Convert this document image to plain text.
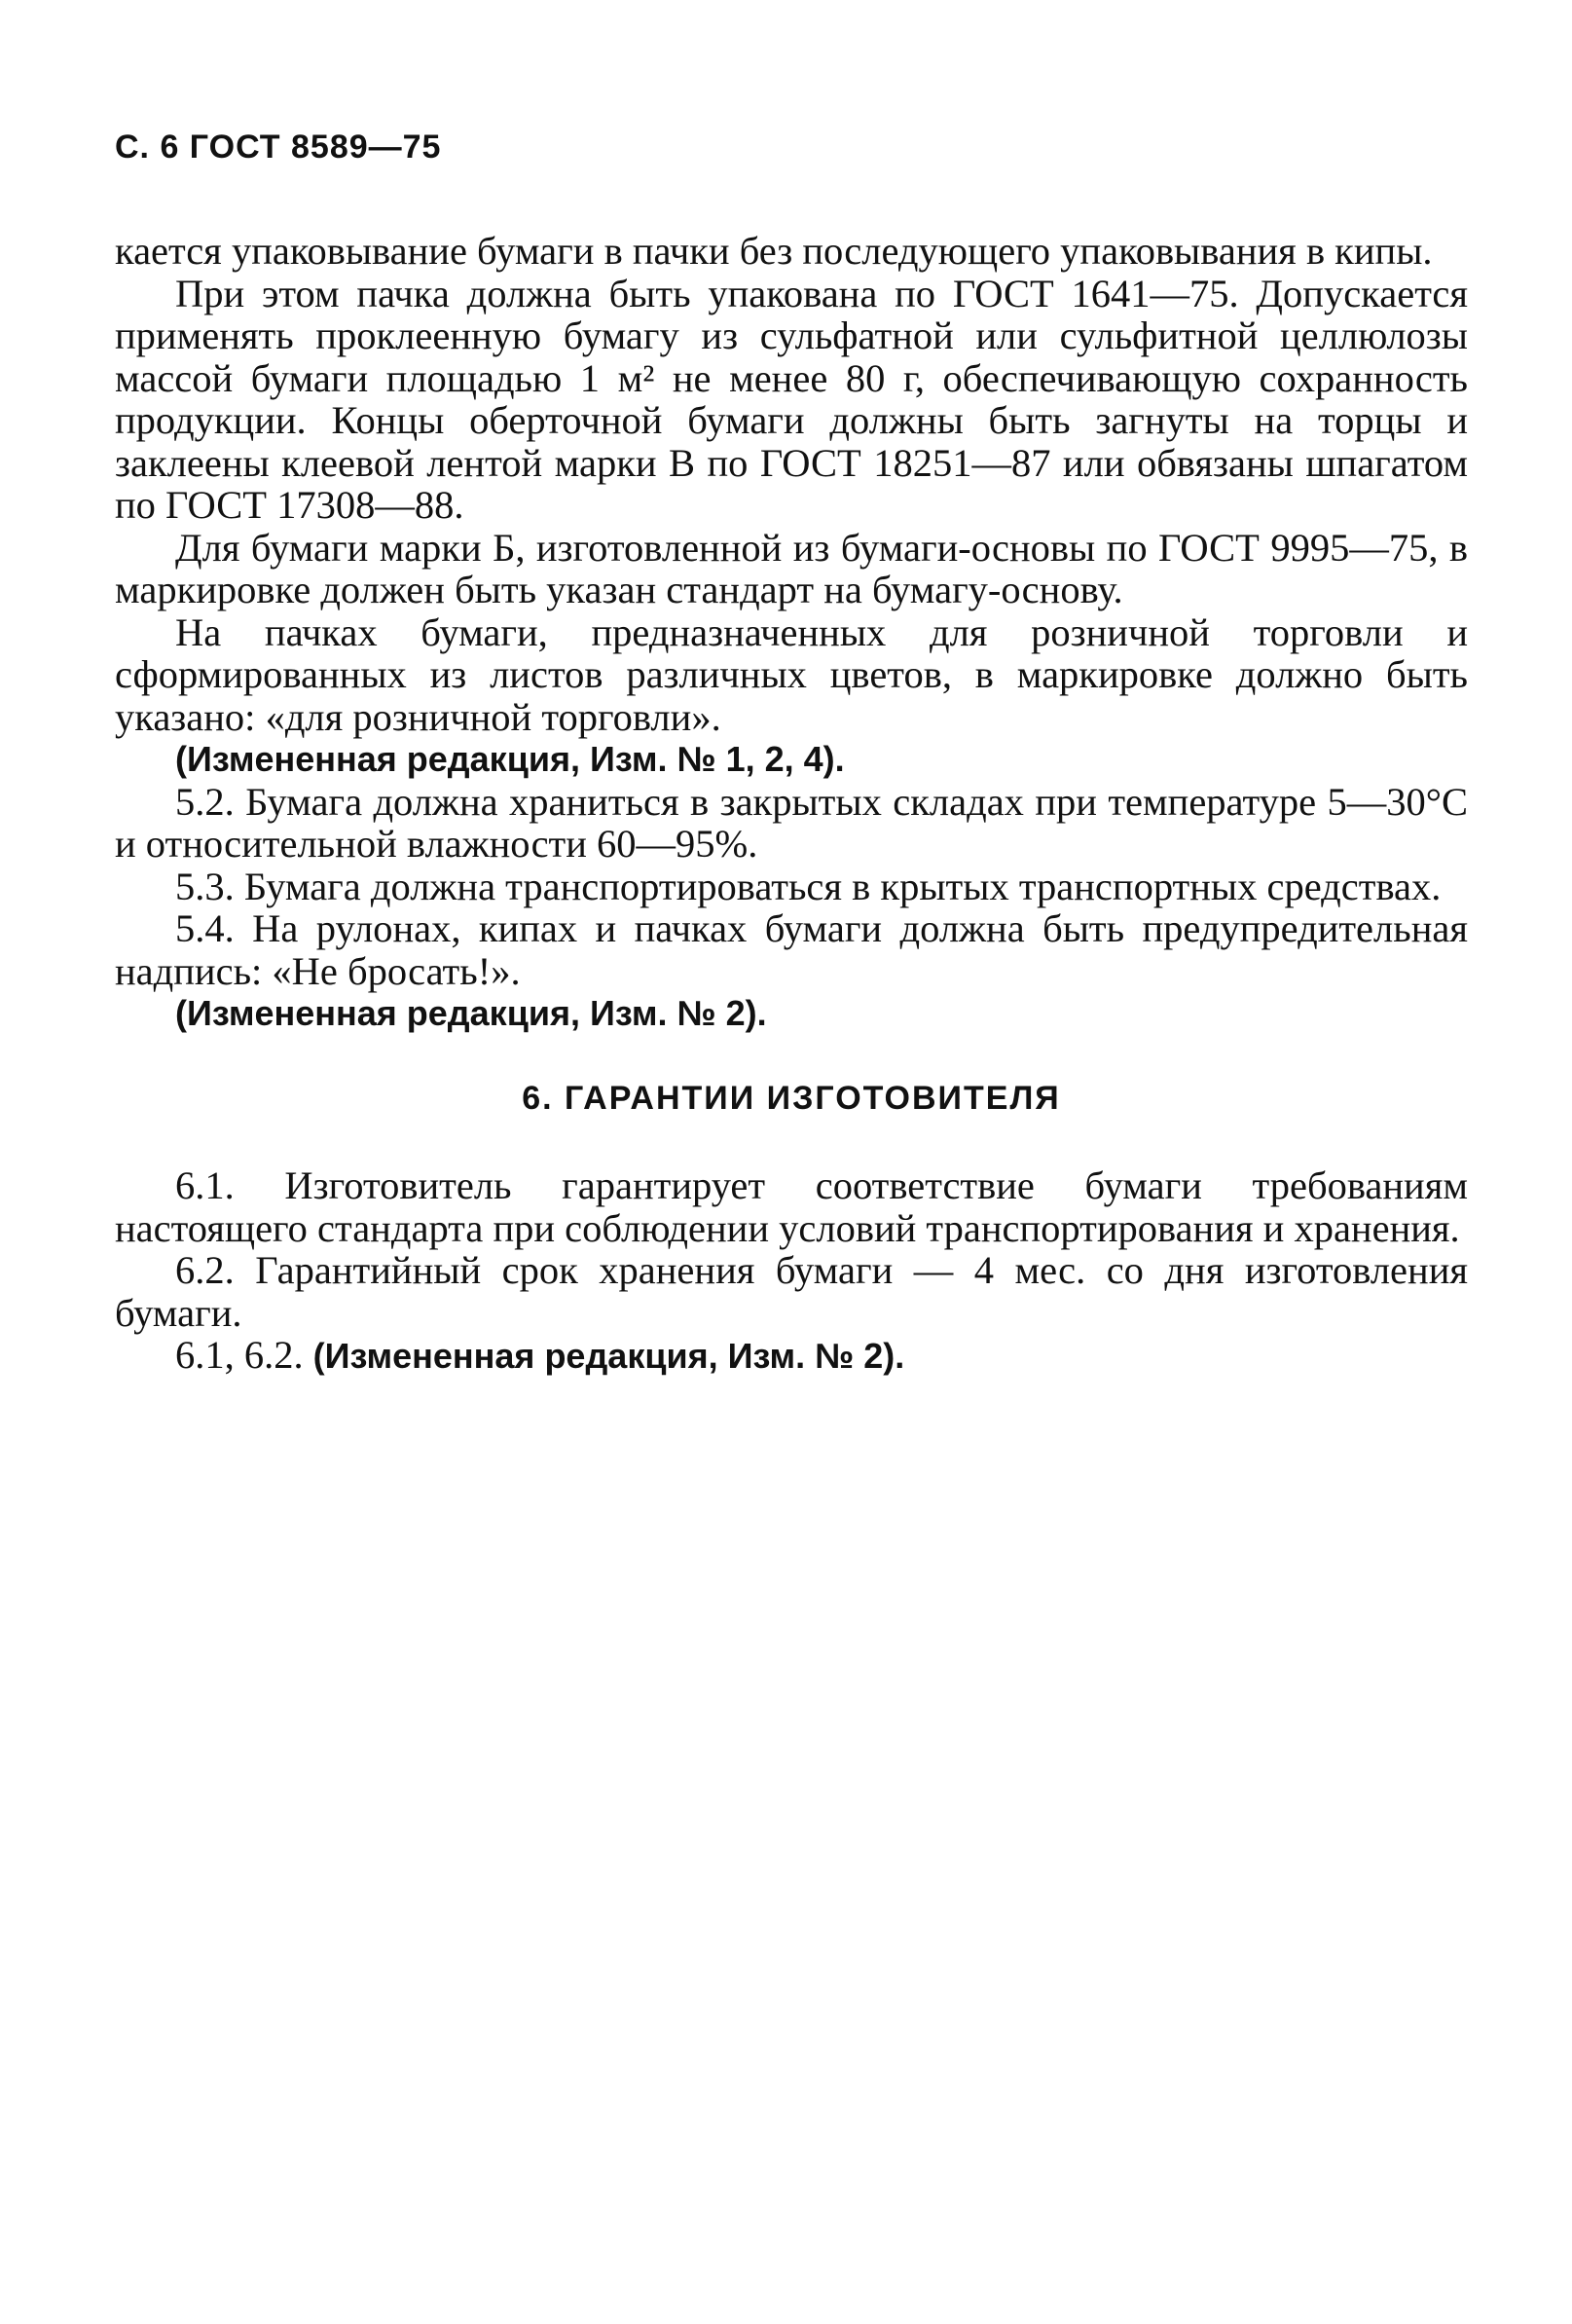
С. 6 ГОСТ 8589—75

кается упаковывание бумаги в пачки без последующего упаковывания в кипы.

При этом пачка должна быть упакована по ГОСТ 1641—75. Допускается применять проклеенную бумагу из сульфатной или сульфитной целлюлозы массой бумаги площадью 1 м² не менее 80 г, обеспечивающую сохранность продукции. Концы оберточной бумаги должны быть загнуты на торцы и заклеены клеевой лентой марки В по ГОСТ 18251—87 или обвязаны шпагатом по ГОСТ 17308—88.

Для бумаги марки Б, изготовленной из бумаги-основы по ГОСТ 9995—75, в маркировке должен быть указан стандарт на бумагу-основу.

На пачках бумаги, предназначенных для розничной торговли и сформированных из листов различных цветов, в маркировке должно быть указано: «для розничной торговли».

(Измененная редакция, Изм. № 1, 2, 4).

5.2. Бумага должна храниться в закрытых складах при температуре 5—30°С и относительной влажности 60—95%.

5.3. Бумага должна транспортироваться в крытых транспортных средствах.

5.4. На рулонах, кипах и пачках бумаги должна быть предупредительная надпись: «Не бросать!».

(Измененная редакция, Изм. № 2).

6. ГАРАНТИИ ИЗГОТОВИТЕЛЯ

6.1. Изготовитель гарантирует соответствие бумаги требованиям настоящего стандарта при соблюдении условий транспортирования и хранения.

6.2. Гарантийный срок хранения бумаги — 4 мес. со дня изготовления бумаги.

6.1, 6.2. (Измененная редакция, Изм. № 2).
